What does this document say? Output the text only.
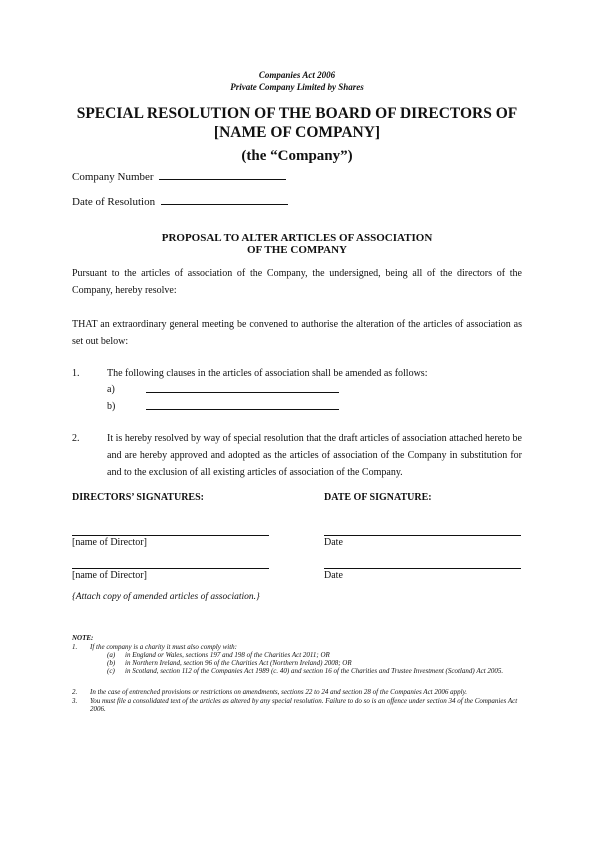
Companies Act 2006
Private Company Limited by Shares
SPECIAL RESOLUTION OF THE BOARD OF DIRECTORS OF
[NAME OF COMPANY]
(the “Company”)
Company Number
Date of Resolution
PROPOSAL TO ALTER ARTICLES OF ASSOCIATION
OF THE COMPANY
Pursuant to the articles of association of the Company, the undersigned, being all of the directors of the Company, hereby resolve:
THAT an extraordinary general meeting be convened to authorise the alteration of the articles of association as set out below:
1.	The following clauses in the articles of association shall be amended as follows:
a)
b)
2.	It is hereby resolved by way of special resolution that the draft articles of association attached hereto be and are hereby approved and adopted as the articles of association of the Company in substitution for and to the exclusion of all existing articles of association of the Company.
DIRECTORS’ SIGNATURES:	DATE OF SIGNATURE:
[name of Director]	Date
[name of Director]	Date
{Attach copy of amended articles of association.}
NOTE:
1. If the company is a charity it must also comply with:
(a) in England or Wales, sections 197 and 198 of the Charities Act 2011; OR
(b) in Northern Ireland, section 96 of the Charities Act (Northern Ireland) 2008; OR
(c) in Scotland, section 112 of the Companies Act 1989 (c. 40) and section 16 of the Charities and Trustee Investment (Scotland) Act 2005.
2. In the case of entrenched provisions or restrictions on amendments, sections 22 to 24 and section 28 of the Companies Act 2006 apply.
3. You must file a consolidated text of the articles as altered by any special resolution. Failure to do so is an offence under section 34 of the Companies Act 2006.
